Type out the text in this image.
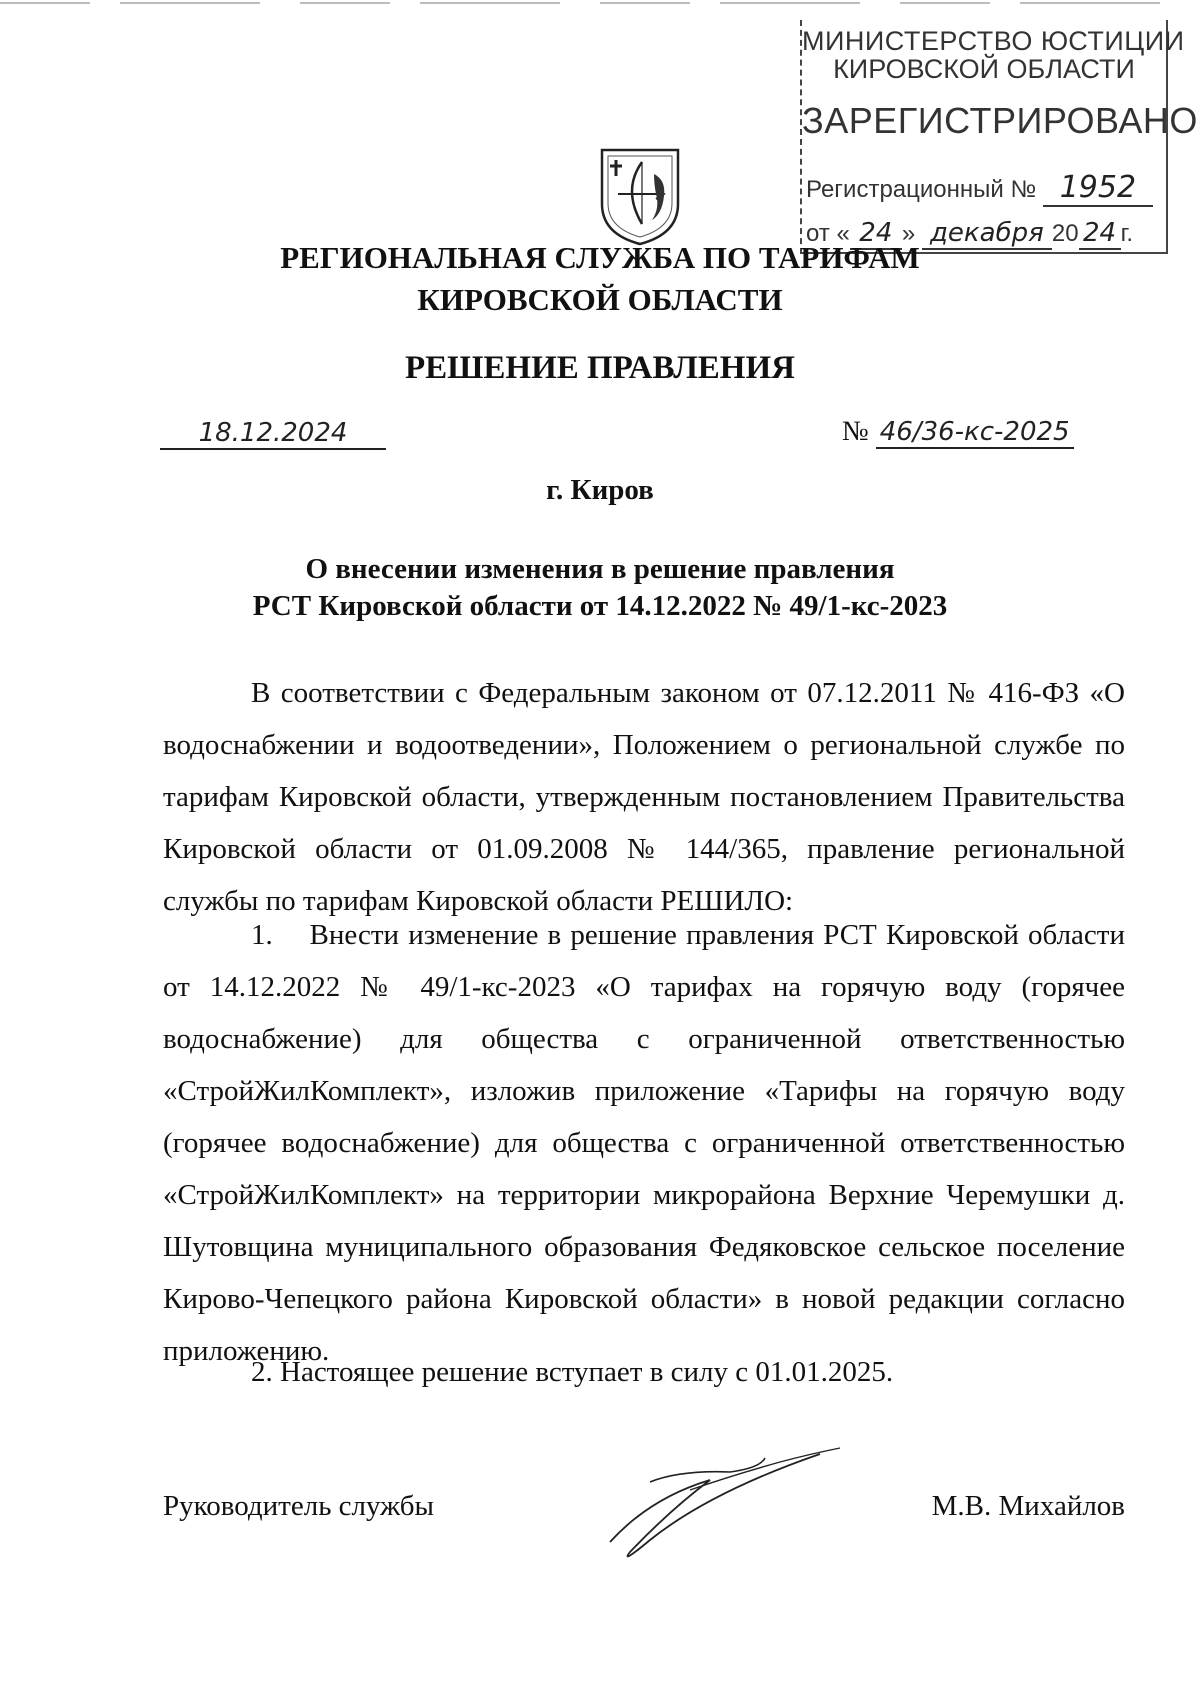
МИНИСТЕРСТВО ЮСТИЦИИ
КИРОВСКОЙ ОБЛАСТИ
ЗАРЕГИСТРИРОВАНО
Регистрационный № 1952
от « 24 » декабря 20 24 г.
РЕГИОНАЛЬНАЯ СЛУЖБА ПО ТАРИФАМ
КИРОВСКОЙ ОБЛАСТИ
РЕШЕНИЕ ПРАВЛЕНИЯ
18.12.2024	№ 46/36-кс-2025
г. Киров
О внесении изменения в решение правления
РСТ Кировской области от 14.12.2022 № 49/1-кс-2023
В соответствии с Федеральным законом от 07.12.2011 № 416-ФЗ «О водоснабжении и водоотведении», Положением о региональной службе по тарифам Кировской области, утвержденным постановлением Правительства Кировской области от 01.09.2008 № 144/365, правление региональной службы по тарифам Кировской области РЕШИЛО:
1.    Внести изменение в решение правления РСТ Кировской области от 14.12.2022 № 49/1-кс-2023 «О тарифах на горячую воду (горячее водоснабжение) для общества с ограниченной ответственностью «СтройЖилКомплект», изложив приложение «Тарифы на горячую воду (горячее водоснабжение) для общества с ограниченной ответственностью «СтройЖилКомплект» на территории микрорайона Верхние Черемушки д. Шутовщина муниципального образования Федяковское сельское поселение Кирово-Чепецкого района Кировской области» в новой редакции согласно приложению.
2. Настоящее решение вступает в силу с 01.01.2025.
Руководитель службы	М.В. Михайлов
